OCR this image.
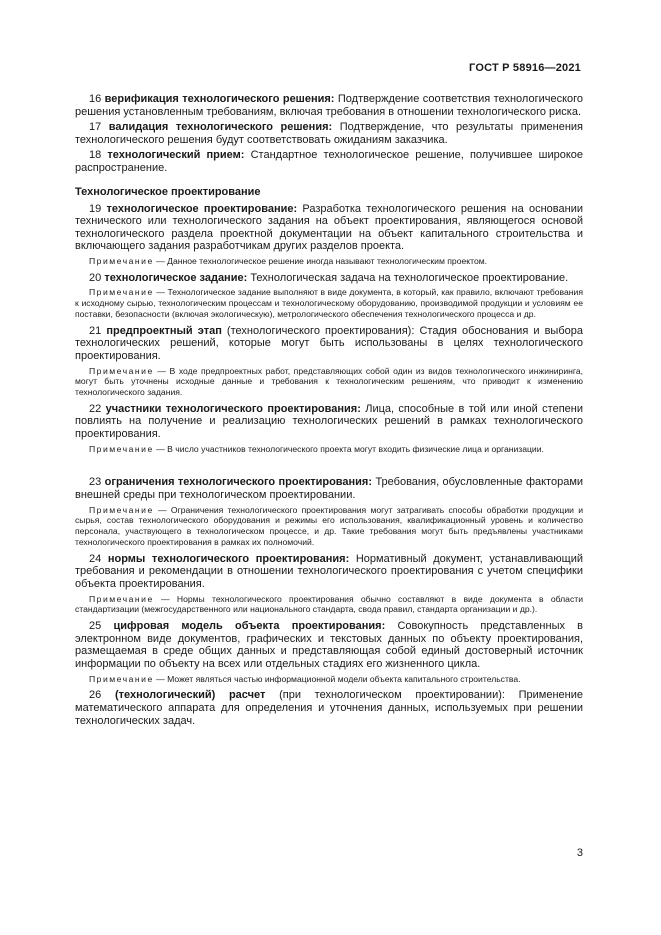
ГОСТ Р 58916—2021

16 верификация технологического решения: Подтверждение соответствия технологического решения установленным требованиям, включая требования в отношении технологического риска.

17 валидация технологического решения: Подтверждение, что результаты применения технологического решения будут соответствовать ожиданиям заказчика.

18 технологический прием: Стандартное технологическое решение, получившее широкое распространение.

Технологическое проектирование

19 технологическое проектирование: Разработка технологического решения на основании технического или технологического задания на объект проектирования, являющегося основой технологического раздела проектной документации на объект капитального строительства и включающего задания разработчикам других разделов проекта.

Примечание — Данное технологическое решение иногда называют технологическим проектом.

20 технологическое задание: Технологическая задача на технологическое проектирование.

Примечание — Технологическое задание выполняют в виде документа, в который, как правило, включают требования к исходному сырью, технологическим процессам и технологическому оборудованию, производимой продукции и условиям ее поставки, безопасности (включая экологическую), метрологического обеспечения технологического процесса и др.

21 предпроектный этап (технологического проектирования): Стадия обоснования и выбора технологических решений, которые могут быть использованы в целях технологического проектирования.

Примечание — В ходе предпроектных работ, представляющих собой один из видов технологического инжиниринга, могут быть уточнены исходные данные и требования к технологическим решениям, что приводит к изменению технологического задания.

22 участники технологического проектирования: Лица, способные в той или иной степени повлиять на получение и реализацию технологических решений в рамках технологического проектирования.

Примечание — В число участников технологического проекта могут входить физические лица и организации.

23 ограничения технологического проектирования: Требования, обусловленные факторами внешней среды при технологическом проектировании.

Примечание — Ограничения технологического проектирования могут затрагивать способы обработки продукции и сырья, состав технологического оборудования и режимы его использования, квалификационный уровень и количество персонала, участвующего в технологическом процессе, и др. Такие требования могут быть предъявлены участниками технологического проектирования в рамках их полномочий.

24 нормы технологического проектирования: Нормативный документ, устанавливающий требования и рекомендации в отношении технологического проектирования с учетом специфики объекта проектирования.

Примечание — Нормы технологического проектирования обычно составляют в виде документа в области стандартизации (межгосударственного или национального стандарта, свода правил, стандарта организации и др.).

25 цифровая модель объекта проектирования: Совокупность представленных в электронном виде документов, графических и текстовых данных по объекту проектирования, размещаемая в среде общих данных и представляющая собой единый достоверный источник информации по объекту на всех или отдельных стадиях его жизненного цикла.

Примечание — Может являться частью информационной модели объекта капитального строительства.

26 (технологический) расчет (при технологическом проектировании): Применение математического аппарата для определения и уточнения данных, используемых при решении технологических задач.

3
